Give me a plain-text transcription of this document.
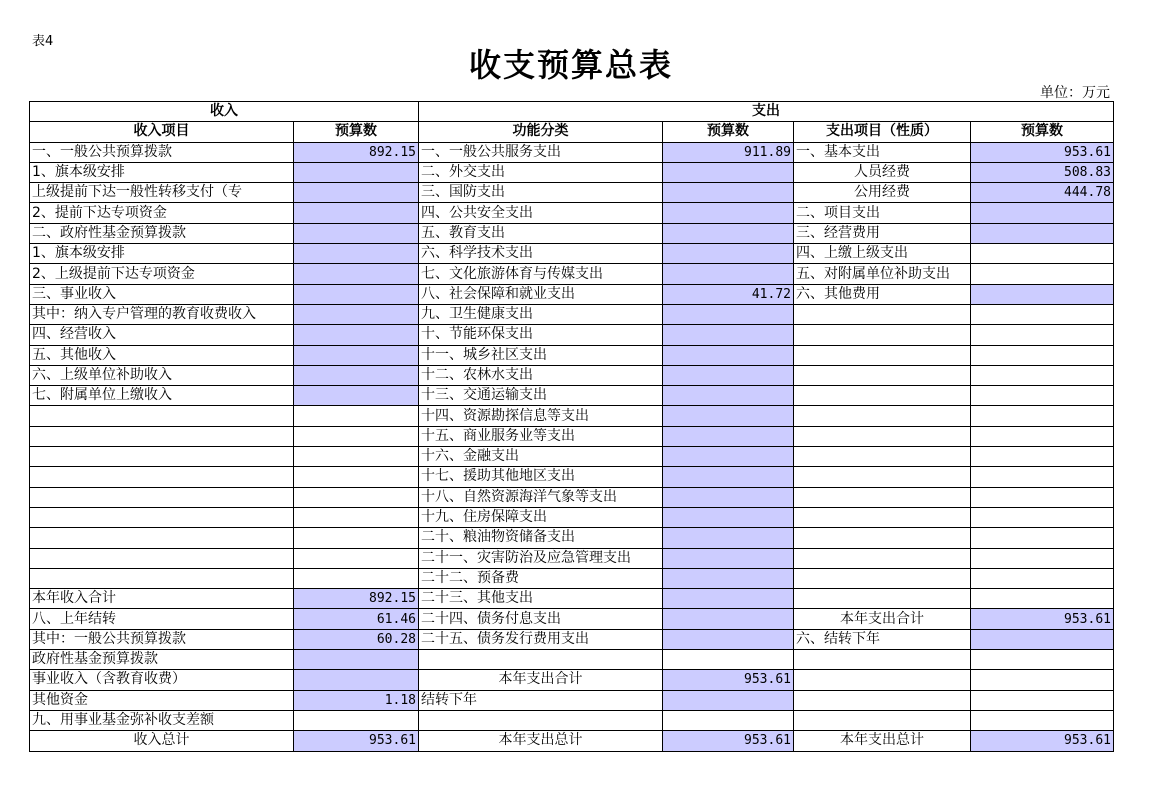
表4
收支预算总表
单位：万元
收入		支出			
收入项目	预算数	功能分类	预算数	支出项目（性质）	预算数
一、一般公共预算拨款	892.15	一、一般公共服务支出	911.89	一、基本支出	953.61
1、旗本级安排		二、外交支出		人员经费	508.83
上级提前下达一般性转移支付（专		三、国防支出		公用经费	444.78
2、提前下达专项资金		四、公共安全支出		二、项目支出	
二、政府性基金预算拨款		五、教育支出		三、经营费用	
1、旗本级安排		六、科学技术支出		四、上缴上级支出	
2、上级提前下达专项资金		七、文化旅游体育与传媒支出		五、对附属单位补助支出	
三、事业收入		八、社会保障和就业支出	41.72	六、其他费用	
其中：纳入专户管理的教育收费收入		九、卫生健康支出			
四、经营收入		十、节能环保支出			
五、其他收入		十一、城乡社区支出			
六、上级单位补助收入		十二、农林水支出			
七、附属单位上缴收入		十三、交通运输支出			
		十四、资源勘探信息等支出			
		十五、商业服务业等支出			
		十六、金融支出			
		十七、援助其他地区支出			
		十八、自然资源海洋气象等支出			
		十九、住房保障支出			
		二十、粮油物资储备支出			
		二十一、灾害防治及应急管理支出			
		二十二、预备费			
本年收入合计	892.15	二十三、其他支出			
八、上年结转	61.46	二十四、债务付息支出		本年支出合计	953.61
其中：一般公共预算拨款	60.28	二十五、债务发行费用支出		六、结转下年	
政府性基金预算拨款					
事业收入（含教育收费）		本年支出合计	953.61		
其他资金	1.18	结转下年			
九、用事业基金弥补收支差额					
收入总计	953.61	本年支出总计	953.61	本年支出总计	953.61
